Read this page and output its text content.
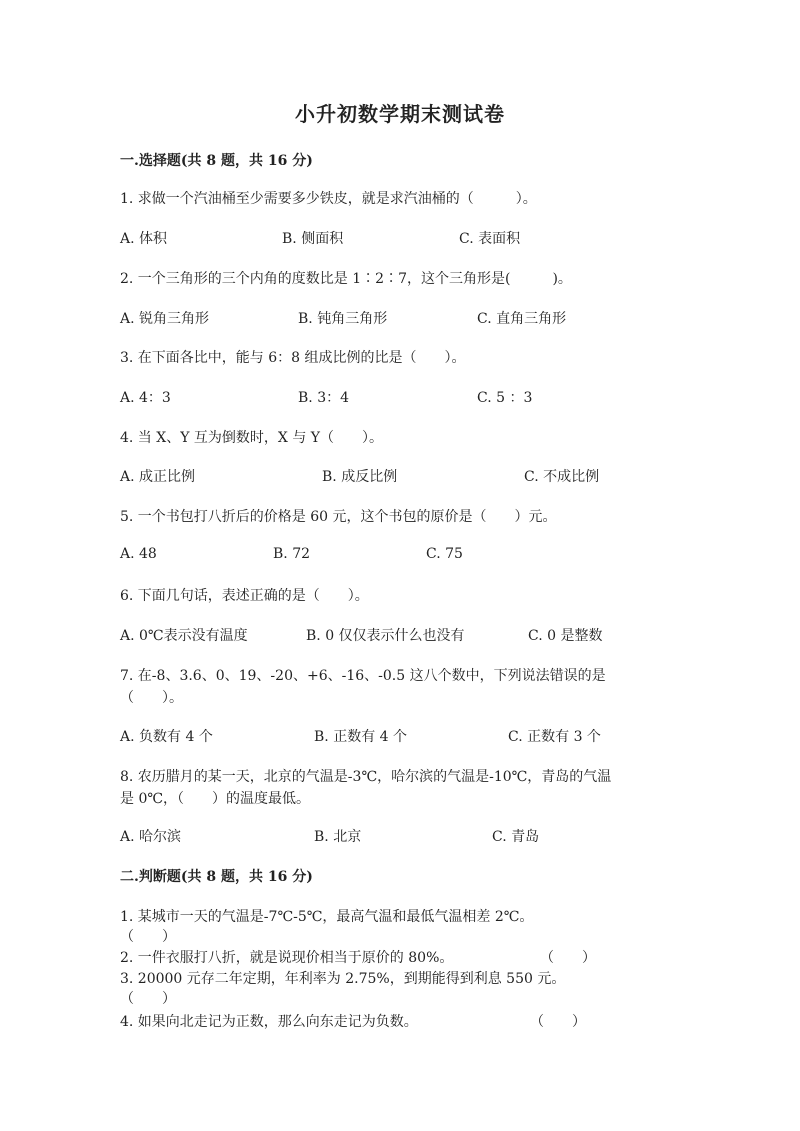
小升初数学期末测试卷
一.选择题(共 8 题，共 16 分)
1. 求做一个汽油桶至少需要多少铁皮，就是求汽油桶的（　　　）。
A. 体积	B. 侧面积	C. 表面积
2. 一个三角形的三个内角的度数比是 1∶2∶7，这个三角形是(　　　)。
A. 锐角三角形	B. 钝角三角形	C. 直角三角形
3. 在下面各比中，能与 6：8 组成比例的比是（　　）。
A. 4：3	B. 3：4	C. 5 ：3
4. 当 X、Y 互为倒数时，X 与 Y（　　）。
A. 成正比例	B. 成反比例	C. 不成比例
5. 一个书包打八折后的价格是 60 元，这个书包的原价是（　　）元。
A. 48	B. 72	C. 75
6. 下面几句话，表述正确的是（　　）。
A. 0℃表示没有温度	B. 0 仅仅表示什么也没有	C. 0 是整数
7. 在-8、3.6、0、19、-20、+6、-16、-0.5 这八个数中，下列说法错误的是
（　　）。
A. 负数有 4 个	B. 正数有 4 个	C. 正数有 3 个
8. 农历腊月的某一天，北京的气温是-3℃，哈尔滨的气温是-10℃，青岛的气温
是 0℃，（　　）的温度最低。
A. 哈尔滨	B. 北京	C. 青岛
二.判断题(共 8 题，共 16 分)
1. 某城市一天的气温是-7℃-5℃，最高气温和最低气温相差 2℃。
（　　）
2. 一件衣服打八折，就是说现价相当于原价的 80%。	（　　）
3. 20000 元存二年定期，年利率为 2.75%，到期能得到利息 550 元。
（　　）
4. 如果向北走记为正数，那么向东走记为负数。	（　　）
